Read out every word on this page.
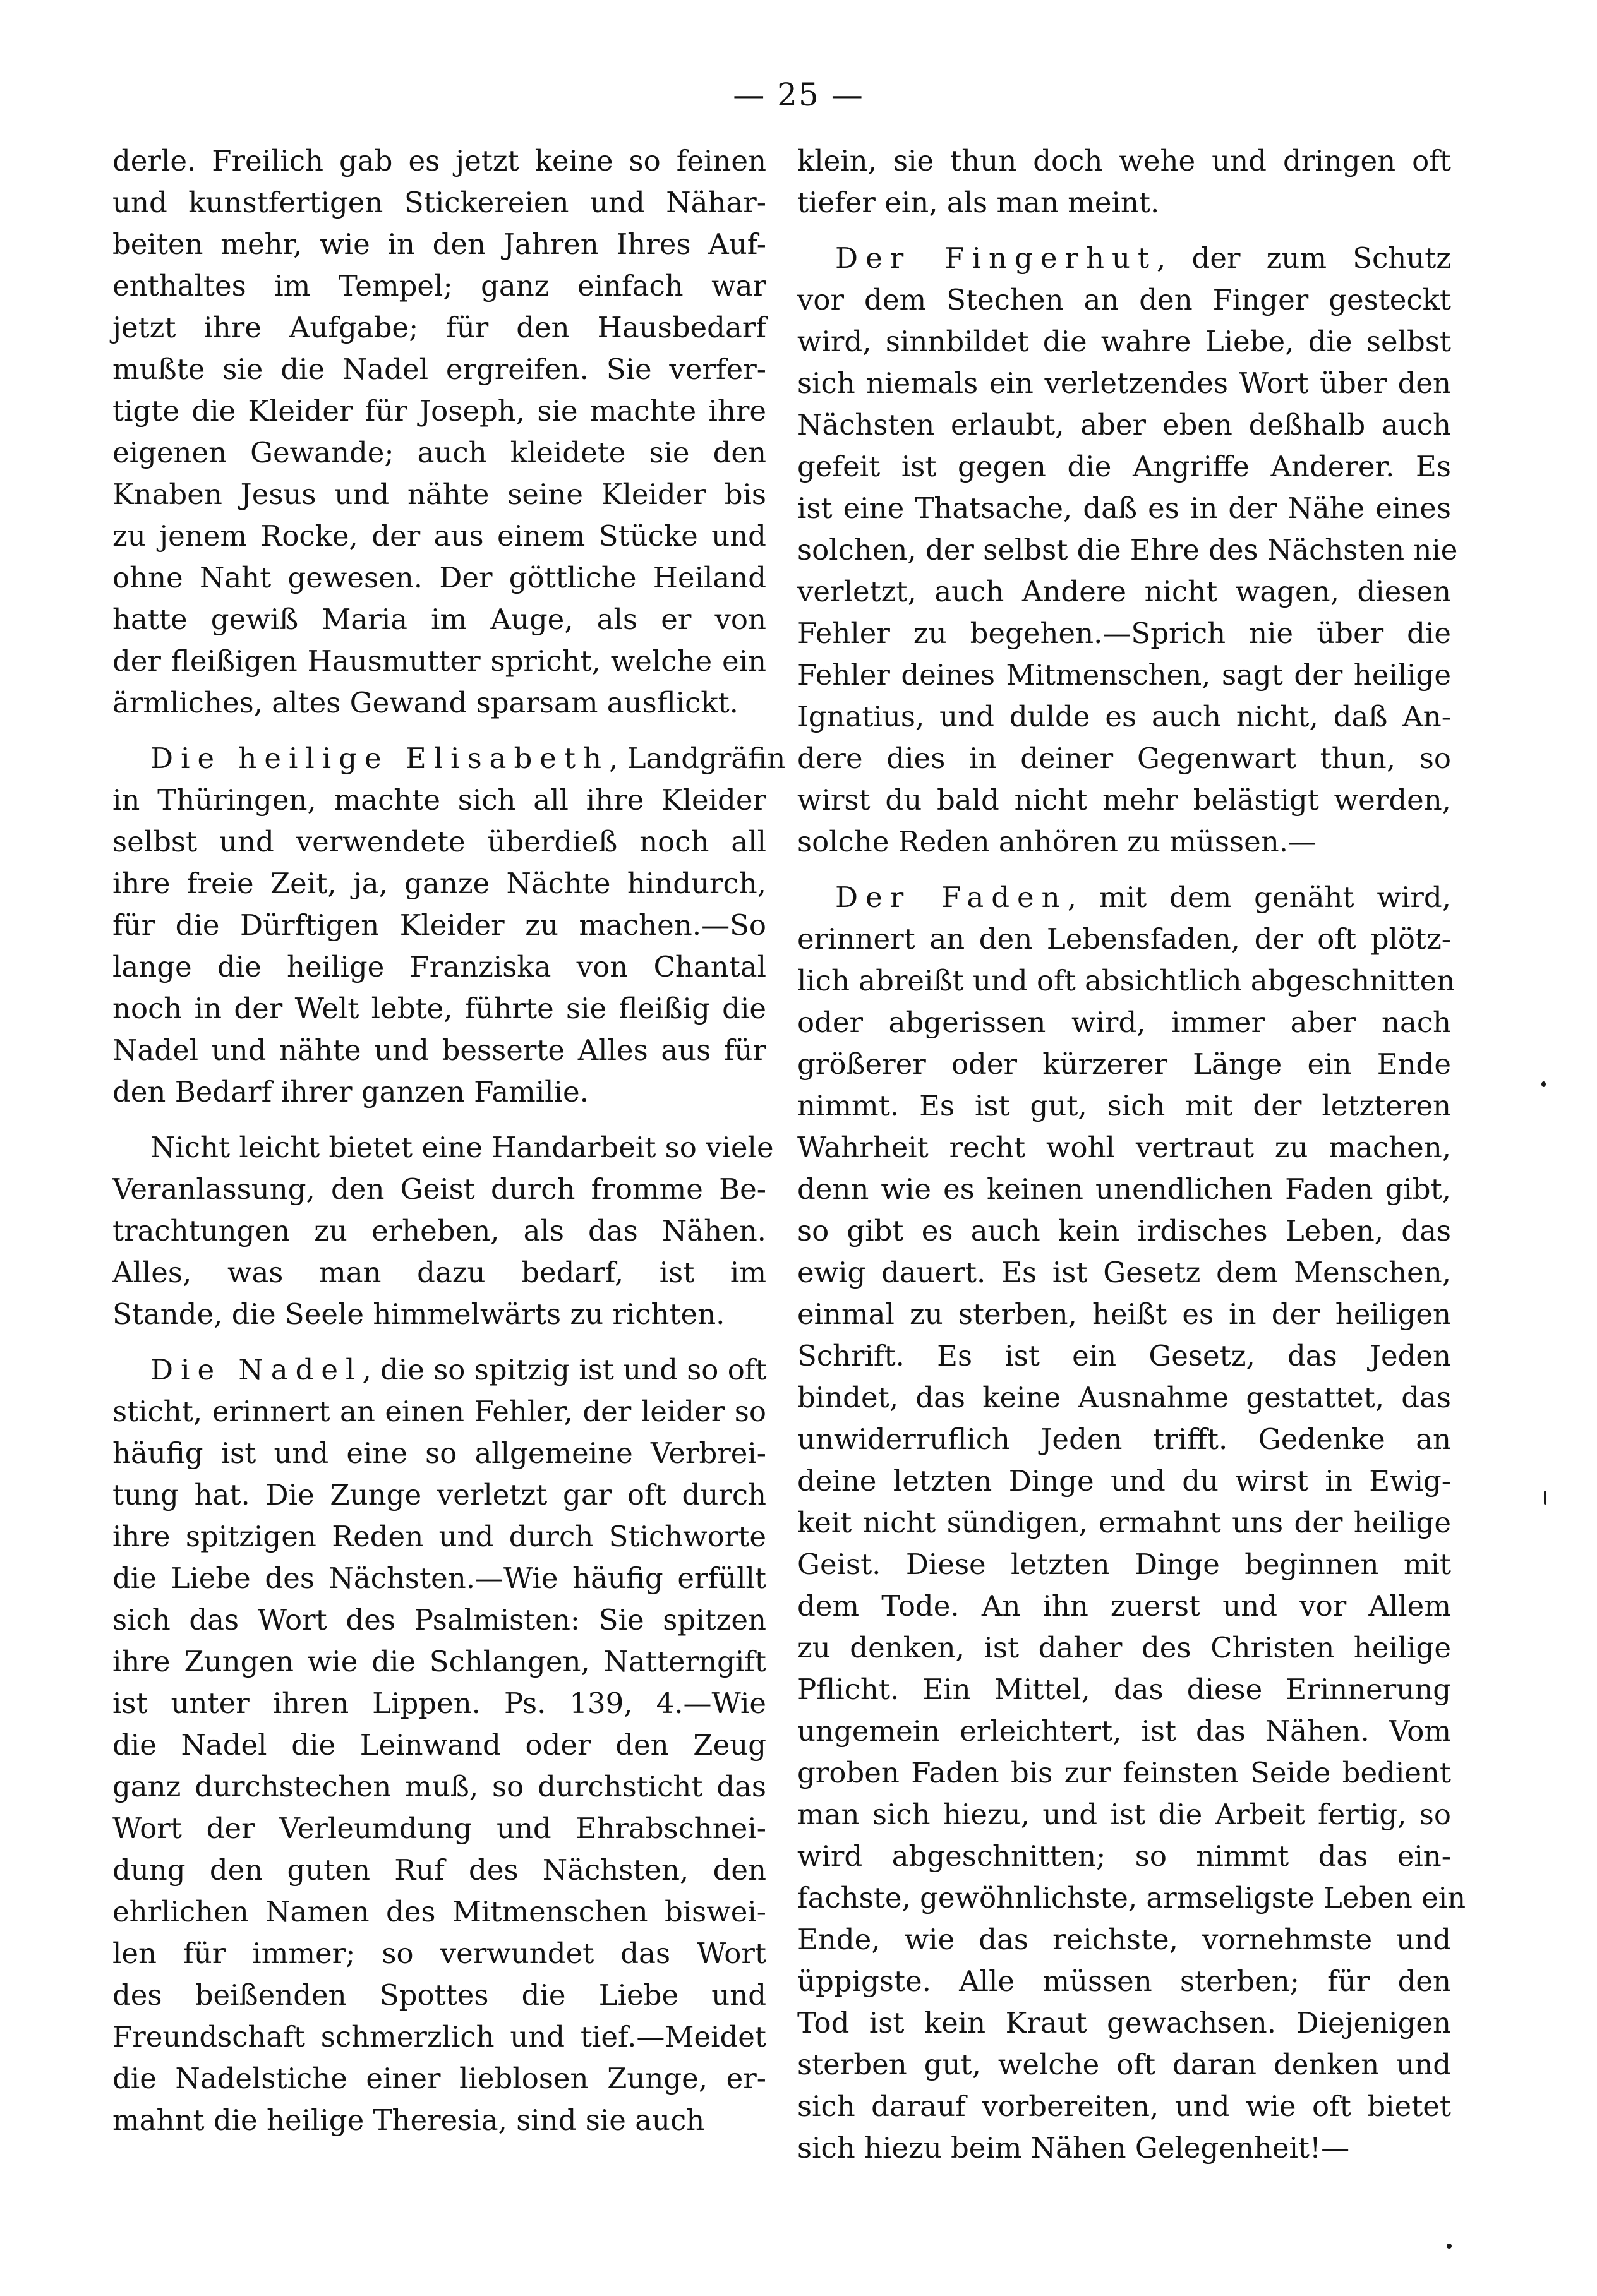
— 25 —
derle. Freilich gab es jetzt keine so feinen
und kunstfertigen Stickereien und Nähar-
beiten mehr, wie in den Jahren Ihres Auf-
enthaltes im Tempel; ganz einfach war
jetzt ihre Aufgabe; für den Hausbedarf
mußte sie die Nadel ergreifen. Sie verfer-
tigte die Kleider für Joseph, sie machte ihre
eigenen Gewande; auch kleidete sie den
Knaben Jesus und nähte seine Kleider bis
zu jenem Rocke, der aus einem Stücke und
ohne Naht gewesen. Der göttliche Heiland
hatte gewiß Maria im Auge, als er von
der fleißigen Hausmutter spricht, welche ein
ärmliches, altes Gewand sparsam ausflickt.
Die heilige Elisabeth, Landgräfin
in Thüringen, machte sich all ihre Kleider
selbst und verwendete überdieß noch all
ihre freie Zeit, ja, ganze Nächte hindurch,
für die Dürftigen Kleider zu machen.—So
lange die heilige Franziska von Chantal
noch in der Welt lebte, führte sie fleißig die
Nadel und nähte und besserte Alles aus für
den Bedarf ihrer ganzen Familie.
Nicht leicht bietet eine Handarbeit so viele
Veranlassung, den Geist durch fromme Be-
trachtungen zu erheben, als das Nähen.
Alles, was man dazu bedarf, ist im
Stande, die Seele himmelwärts zu richten.
Die Nadel, die so spitzig ist und so oft
sticht, erinnert an einen Fehler, der leider so
häufig ist und eine so allgemeine Verbrei-
tung hat. Die Zunge verletzt gar oft durch
ihre spitzigen Reden und durch Stichworte
die Liebe des Nächsten.—Wie häufig erfüllt
sich das Wort des Psalmisten: Sie spitzen
ihre Zungen wie die Schlangen, Natterngift
ist unter ihren Lippen. Ps. 139, 4.—Wie
die Nadel die Leinwand oder den Zeug
ganz durchstechen muß, so durchsticht das
Wort der Verleumdung und Ehrabschnei-
dung den guten Ruf des Nächsten, den
ehrlichen Namen des Mitmenschen biswei-
len für immer; so verwundet das Wort
des beißenden Spottes die Liebe und
Freundschaft schmerzlich und tief.—Meidet
die Nadelstiche einer lieblosen Zunge, er-
mahnt die heilige Theresia, sind sie auch
klein, sie thun doch wehe und dringen oft
tiefer ein, als man meint.
Der Fingerhut, der zum Schutz
vor dem Stechen an den Finger gesteckt
wird, sinnbildet die wahre Liebe, die selbst
sich niemals ein verletzendes Wort über den
Nächsten erlaubt, aber eben deßhalb auch
gefeit ist gegen die Angriffe Anderer. Es
ist eine Thatsache, daß es in der Nähe eines
solchen, der selbst die Ehre des Nächsten nie
verletzt, auch Andere nicht wagen, diesen
Fehler zu begehen.—Sprich nie über die
Fehler deines Mitmenschen, sagt der heilige
Ignatius, und dulde es auch nicht, daß An-
dere dies in deiner Gegenwart thun, so
wirst du bald nicht mehr belästigt werden,
solche Reden anhören zu müssen.—
Der Faden, mit dem genäht wird,
erinnert an den Lebensfaden, der oft plötz-
lich abreißt und oft absichtlich abgeschnitten
oder abgerissen wird, immer aber nach
größerer oder kürzerer Länge ein Ende
nimmt. Es ist gut, sich mit der letzteren
Wahrheit recht wohl vertraut zu machen,
denn wie es keinen unendlichen Faden gibt,
so gibt es auch kein irdisches Leben, das
ewig dauert. Es ist Gesetz dem Menschen,
einmal zu sterben, heißt es in der heiligen
Schrift. Es ist ein Gesetz, das Jeden
bindet, das keine Ausnahme gestattet, das
unwiderruflich Jeden trifft. Gedenke an
deine letzten Dinge und du wirst in Ewig-
keit nicht sündigen, ermahnt uns der heilige
Geist. Diese letzten Dinge beginnen mit
dem Tode. An ihn zuerst und vor Allem
zu denken, ist daher des Christen heilige
Pflicht. Ein Mittel, das diese Erinnerung
ungemein erleichtert, ist das Nähen. Vom
groben Faden bis zur feinsten Seide bedient
man sich hiezu, und ist die Arbeit fertig, so
wird abgeschnitten; so nimmt das ein-
fachste, gewöhnlichste, armseligste Leben ein
Ende, wie das reichste, vornehmste und
üppigste. Alle müssen sterben; für den
Tod ist kein Kraut gewachsen. Diejenigen
sterben gut, welche oft daran denken und
sich darauf vorbereiten, und wie oft bietet
sich hiezu beim Nähen Gelegenheit!—
